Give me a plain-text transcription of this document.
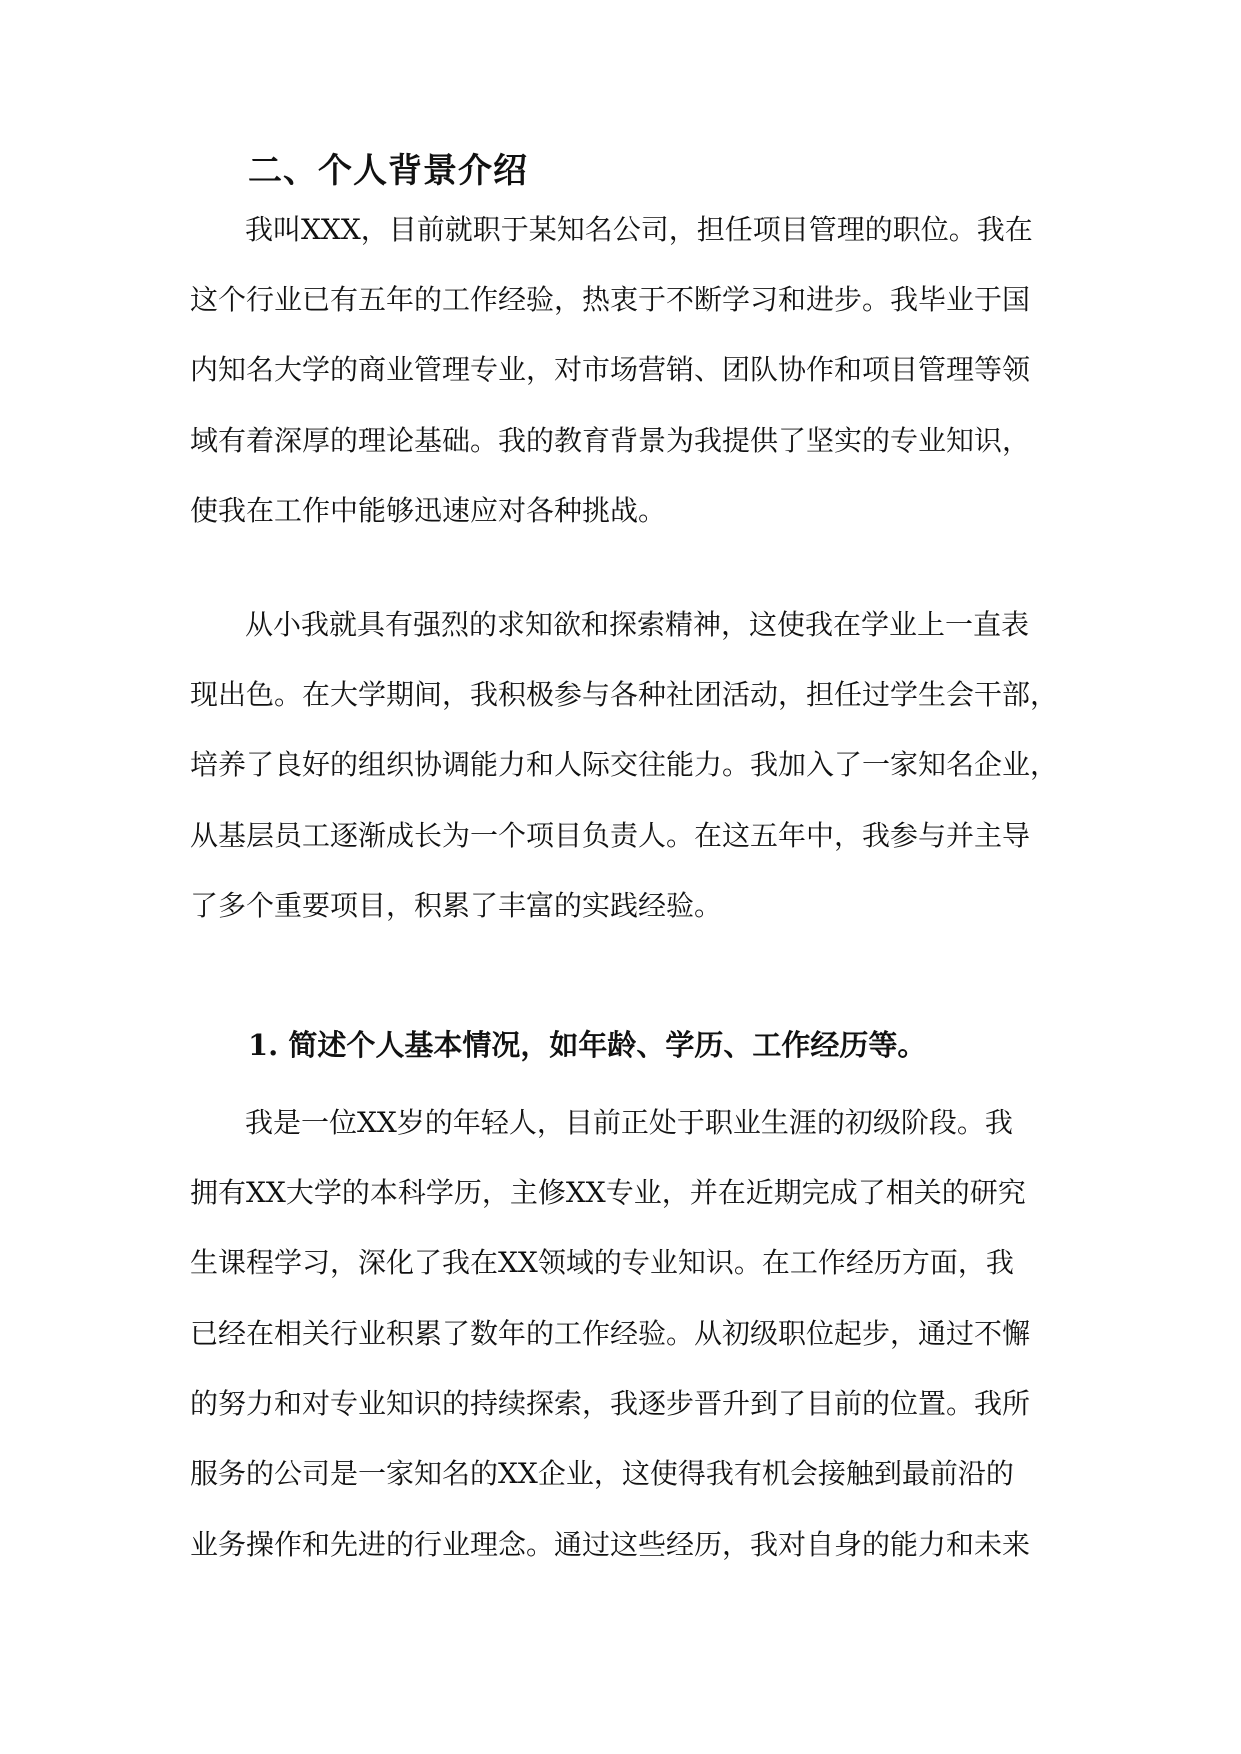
二、个人背景介绍

我叫XXX，目前就职于某知名公司，担任项目管理的职位。我在

这个行业已有五年的工作经验，热衷于不断学习和进步。我毕业于国

内知名大学的商业管理专业，对市场营销、团队协作和项目管理等领

域有着深厚的理论基础。我的教育背景为我提供了坚实的专业知识，

使我在工作中能够迅速应对各种挑战。

从小我就具有强烈的求知欲和探索精神，这使我在学业上一直表

现出色。在大学期间，我积极参与各种社团活动，担任过学生会干部，

培养了良好的组织协调能力和人际交往能力。我加入了一家知名企业，

从基层员工逐渐成长为一个项目负责人。在这五年中，我参与并主导

了多个重要项目，积累了丰富的实践经验。

1. 简述个人基本情况，如年龄、学历、工作经历等。

我是一位XX岁的年轻人，目前正处于职业生涯的初级阶段。我

拥有XX大学的本科学历，主修XX专业，并在近期完成了相关的研究

生课程学习，深化了我在XX领域的专业知识。在工作经历方面，我

已经在相关行业积累了数年的工作经验。从初级职位起步，通过不懈

的努力和对专业知识的持续探索，我逐步晋升到了目前的位置。我所

服务的公司是一家知名的XX企业，这使得我有机会接触到最前沿的

业务操作和先进的行业理念。通过这些经历，我对自身的能力和未来
